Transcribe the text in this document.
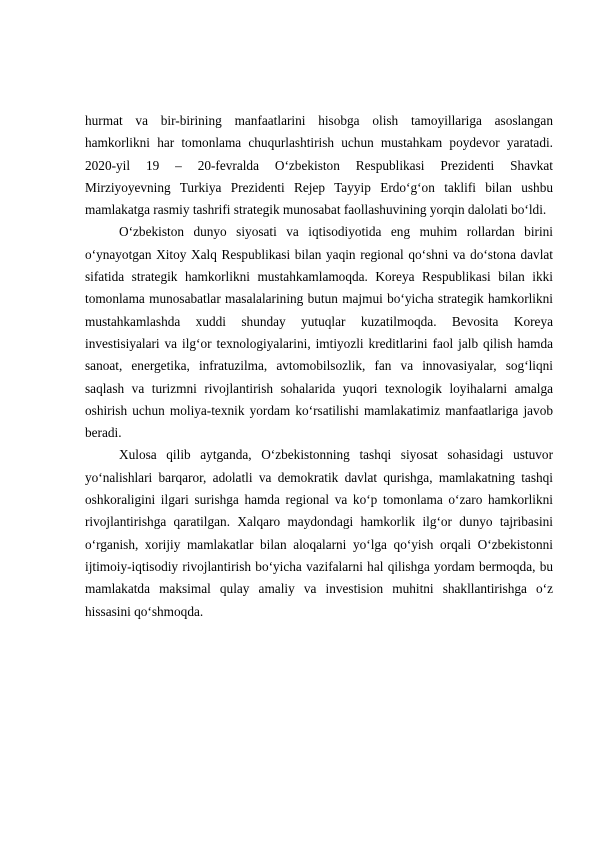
hurmat va bir-birining manfaatlarini hisobga olish tamoyillariga asoslangan hamkorlikni har tomonlama chuqurlashtirish uchun mustahkam poydevor yaratadi. 2020-yil 19 – 20-fevralda O‘zbekiston Respublikasi Prezidenti Shavkat Mirziyoyevning Turkiya Prezidenti Rejep Tayyip Erdo‘g‘on taklifi bilan ushbu mamlakatga rasmiy tashrifi strategik munosabat faollashuvining yorqin dalolati bo‘ldi.

O‘zbekiston dunyo siyosati va iqtisodiyotida eng muhim rollardan birini o‘ynayotgan Xitoy Xalq Respublikasi bilan yaqin regional qo‘shni va do‘stona davlat sifatida strategik hamkorlikni mustahkamlamoqda. Koreya Respublikasi bilan ikki tomonlama munosabatlar masalalarining butun majmui bo‘yicha strategik hamkorlikni mustahkamlashda xuddi shunday yutuqlar kuzatilmoqda. Bevosita Koreya investisiyalari va ilg‘or texnologiyalarini, imtiyozli kreditlarini faol jalb qilish hamda sanoat, energetika, infratuzilma, avtomobilsozlik, fan va innovasiyalar, sog‘liqni saqlash va turizmni rivojlantirish sohalarida yuqori texnologik loyihalarni amalga oshirish uchun moliya-texnik yordam ko‘rsatilishi mamlakatimiz manfaatlariga javob beradi.

Xulosa qilib aytganda, O‘zbekistonning tashqi siyosat sohasidagi ustuvor yo‘nalishlari barqaror, adolatli va demokratik davlat qurishga, mamlakatning tashqi oshkoraligini ilgari surishga hamda regional va ko‘p tomonlama o‘zaro hamkorlikni rivojlantirishga qaratilgan. Xalqaro maydondagi hamkorlik ilg‘or dunyo tajribasini o‘rganish, xorijiy mamlakatlar bilan aloqalarni yo‘lga qo‘yish orqali O‘zbekistonni ijtimoiy-iqtisodiy rivojlantirish bo‘yicha vazifalarni hal qilishga yordam bermoqda, bu mamlakatda maksimal qulay amaliy va investision muhitni shakllantirishga o‘z hissasini qo‘shmoqda.
